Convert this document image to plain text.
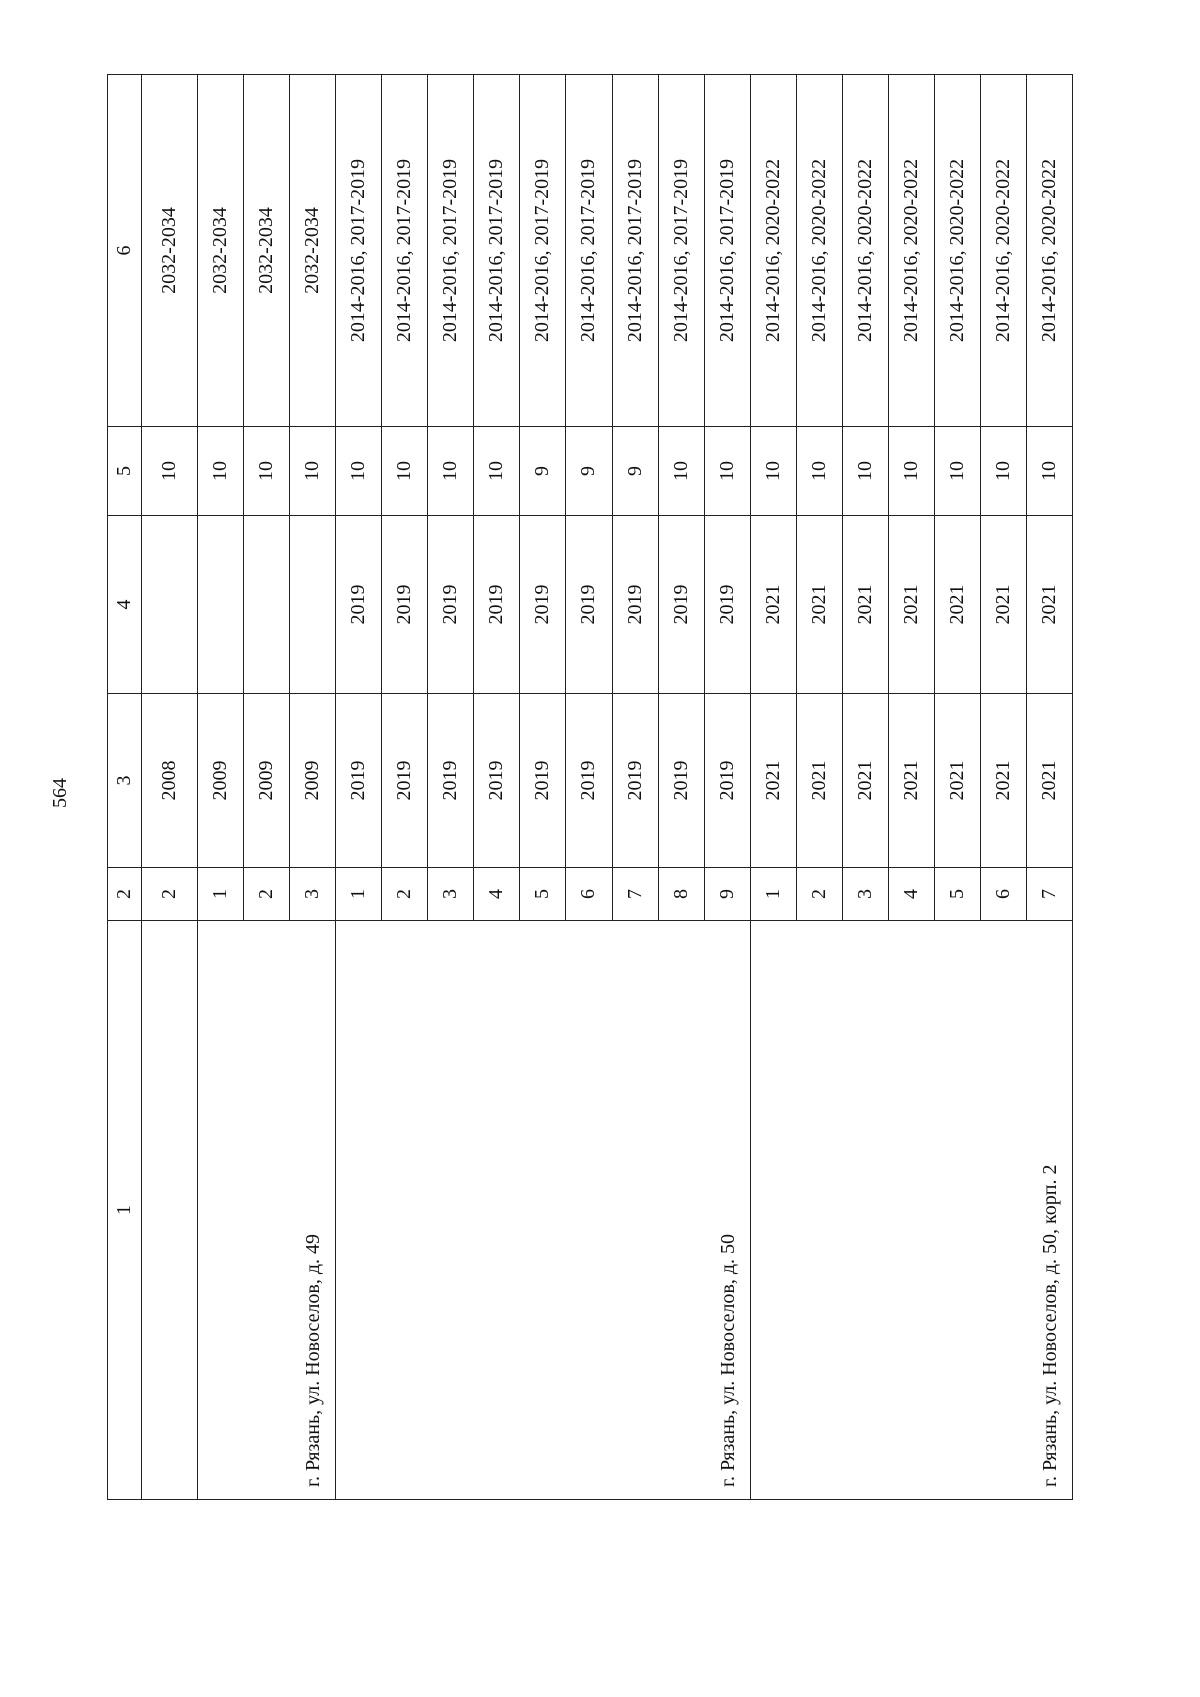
564
1	2	3	4	5	6
	2	2008		10	2032-2034
г. Рязань, ул. Новоселов, д. 49	1	2009		10	2032-2034
	2	2009		10	2032-2034
	3	2009		10	2032-2034
г. Рязань, ул. Новоселов, д. 50	1	2019	2019	10	2014-2016, 2017-2019
	2	2019	2019	10	2014-2016, 2017-2019
	3	2019	2019	10	2014-2016, 2017-2019
	4	2019	2019	10	2014-2016, 2017-2019
	5	2019	2019	9	2014-2016, 2017-2019
	6	2019	2019	9	2014-2016, 2017-2019
	7	2019	2019	9	2014-2016, 2017-2019
	8	2019	2019	10	2014-2016, 2017-2019
	9	2019	2019	10	2014-2016, 2017-2019
г. Рязань, ул. Новоселов, д. 50, корп. 2	1	2021	2021	10	2014-2016, 2020-2022
	2	2021	2021	10	2014-2016, 2020-2022
	3	2021	2021	10	2014-2016, 2020-2022
	4	2021	2021	10	2014-2016, 2020-2022
	5	2021	2021	10	2014-2016, 2020-2022
	6	2021	2021	10	2014-2016, 2020-2022
	7	2021	2021	10	2014-2016, 2020-2022
